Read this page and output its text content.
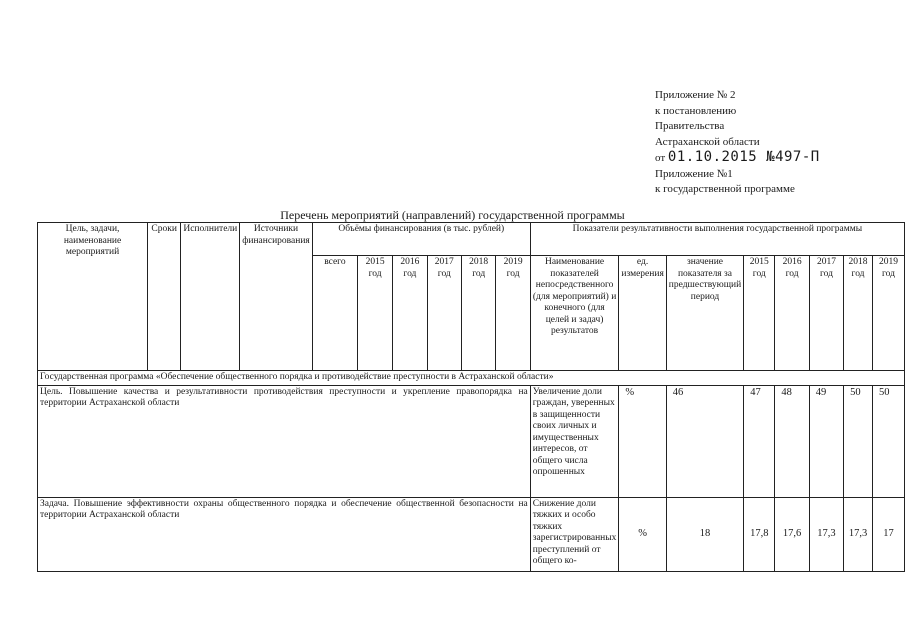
Приложение № 2
к постановлению
Правительства
Астраханской области
от 01.10.2015 №497-П
Приложение №1
к государственной программе
Перечень мероприятий (направлений) государственной программы
Цель, задачи, наименование мероприятий	Сроки	Исполнители	Источники финансирования	Объёмы финансирования (в тыс. рублей)						Показатели результативности выполнения государственной программы							
				всего	2015 год	2016 год	2017 год	2018 год	2019 год	Наименование показателей непосредственного (для мероприятий) и конечного (для целей и задач) результатов	ед. измерения	значение показателя за предшествующий период	2015 год	2016 год	2017 год	2018 год	2019 год
Государственная программа «Обеспечение общественного порядка и противодействие преступности в Астраханской области»																	
Цель. Повышение качества и результативности противодействия преступности и укрепление правопорядка на территории Астраханской области										Увеличение доли граждан, уверенных в защищенности своих личных и имущественных интересов, от общего числа опрошенных	%	46	47	48	49	50	50
Задача. Повышение эффективности охраны общественного порядка и обеспечение общественной безопасности на территории Астраханской области										Снижение доли тяжких и особо тяжких зарегистрированных преступлений от общего ко-	%	18	17,8	17,6	17,3	17,3	17
